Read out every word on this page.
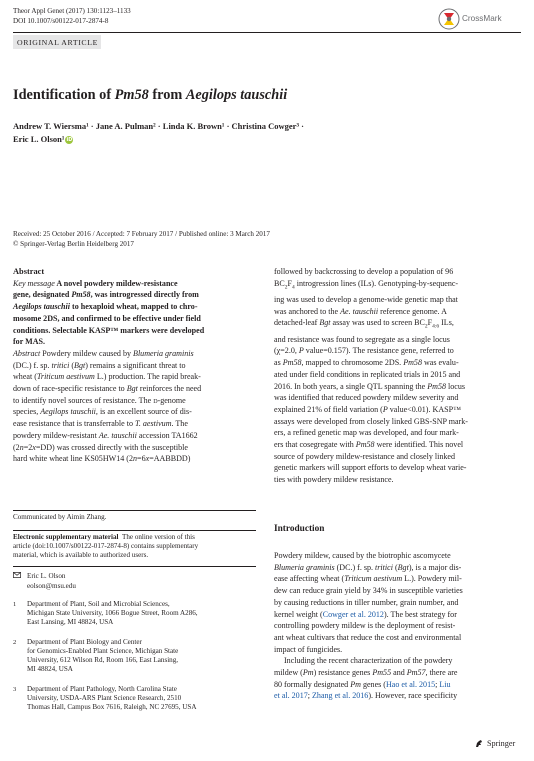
Theor Appl Genet (2017) 130:1123–1133
DOI 10.1007/s00122-017-2874-8	CrossMark
ORIGINAL ARTICLE
Identification of Pm58 from Aegilops tauschii
Andrew T. Wiersma¹ · Jane A. Pulman² · Linda K. Brown¹ · Christina Cowger³ ·
Eric L. Olson¹ iD
Received: 25 October 2016 / Accepted: 7 February 2017 / Published online: 3 March 2017
© Springer-Verlag Berlin Heidelberg 2017
Abstract
Key message A novel powdery mildew-resistance
gene, designated Pm58, was introgressed directly from
Aegilops tauschii to hexaploid wheat, mapped to chro-
mosome 2DS, and confirmed to be effective under field
conditions. Selectable KASP™ markers were developed
for MAS.
Abstract Powdery mildew caused by Blumeria graminis
(DC.) f. sp. tritici (Bgt) remains a significant threat to
wheat (Triticum aestivum L.) production. The rapid break-
down of race-specific resistance to Bgt reinforces the need
to identify novel sources of resistance. The d-genome
species, Aegilops tauschii, is an excellent source of dis-
ease resistance that is transferrable to T. aestivum. The
powdery mildew-resistant Ae. tauschii accession TA1662
(2n=2x=DD) was crossed directly with the susceptible
hard white wheat line KS05HW14 (2n=6x=AABBDD)
Communicated by Aimin Zhang.
Electronic supplementary material The online version of this
article (doi:10.1007/s00122-017-2874-8) contains supplementary
material, which is available to authorized users.
Eric L. Olson
eolson@msu.edu
1 Department of Plant, Soil and Microbial Sciences,
Michigan State University, 1066 Bogue Street, Room A286,
East Lansing, MI 48824, USA
2 Department of Plant Biology and Center
for Genomics-Enabled Plant Science, Michigan State
University, 612 Wilson Rd, Room 166, East Lansing,
MI 48824, USA
3 Department of Plant Pathology, North Carolina State
University, USDA-ARS Plant Science Research, 2510
Thomas Hall, Campus Box 7616, Raleigh, NC 27695, USA
followed by backcrossing to develop a population of 96
$BC_2F_4$ introgression lines (ILs). Genotyping-by-sequenc-
ing was used to develop a genome-wide genetic map that
was anchored to the Ae. tauschii reference genome. A
detached-leaf Bgt assay was used to screen $BC_2F_{4:6}$ ILs,
and resistance was found to segregate as a single locus
(χ=2.0, P value=0.157). The resistance gene, referred to
as Pm58, mapped to chromosome 2DS. Pm58 was evalu-
ated under field conditions in replicated trials in 2015 and
2016. In both years, a single QTL spanning the Pm58 locus
was identified that reduced powdery mildew severity and
explained 21% of field variation (P value<0.01). KASP™
assays were developed from closely linked GBS-SNP mark-
ers, a refined genetic map was developed, and four mark-
ers that cosegregate with Pm58 were identified. This novel
source of powdery mildew-resistance and closely linked
genetic markers will support efforts to develop wheat varie-
ties with powdery mildew resistance.
Introduction
Powdery mildew, caused by the biotrophic ascomycete
Blumeria graminis (DC.) f. sp. tritici (Bgt), is a major dis-
ease affecting wheat (Triticum aestivum L.). Powdery mil-
dew can reduce grain yield by 34% in susceptible varieties
by causing reductions in tiller number, grain number, and
kernel weight (Cowger et al. 2012). The best strategy for
controlling powdery mildew is the deployment of resist-
ant wheat cultivars that reduce the cost and environmental
impact of fungicides.
Including the recent characterization of the powdery
mildew (Pm) resistance genes Pm55 and Pm57, there are
80 formally designated Pm genes (Hao et al. 2015; Liu
et al. 2017; Zhang et al. 2016). However, race specificity
Springer
